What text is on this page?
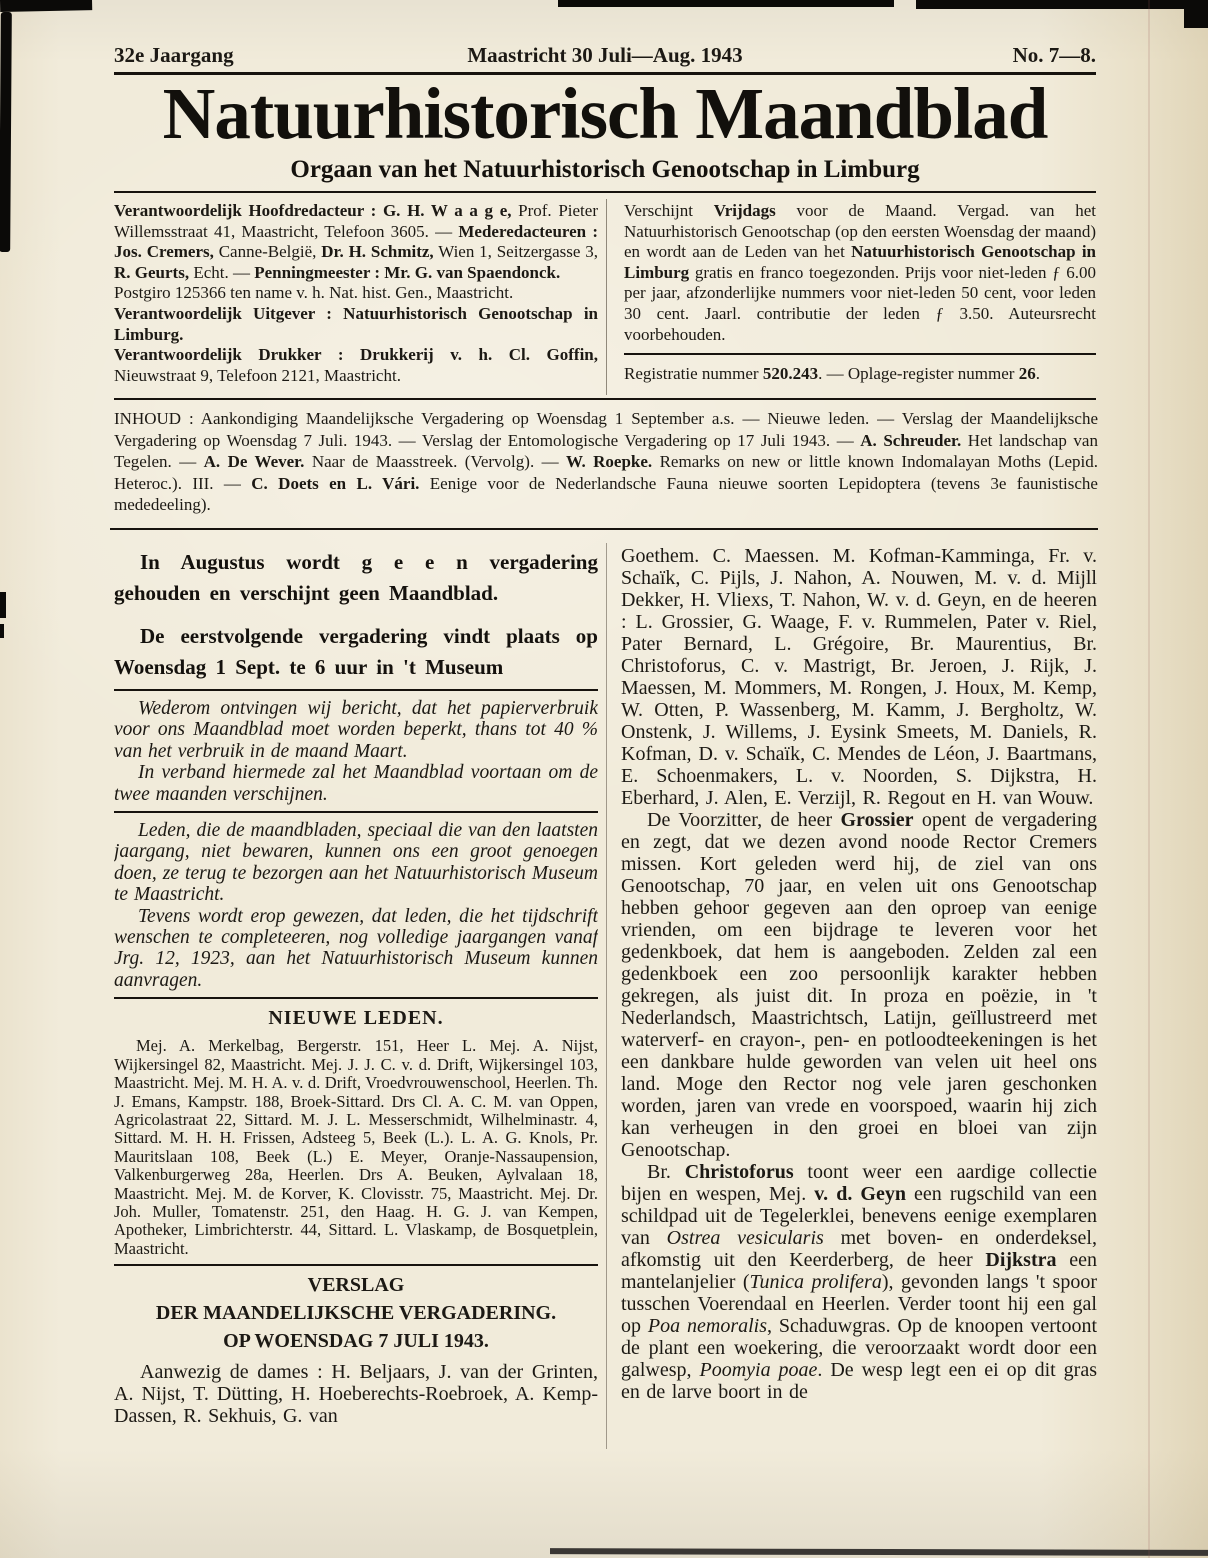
32e Jaargang	Maastricht 30 Juli—Aug. 1943	No. 7—8.
Natuurhistorisch Maandblad
Orgaan van het Natuurhistorisch Genootschap in Limburg

Verantwoordelijk Hoofdredacteur : G. H. W a a g e, Prof. Pieter Willemsstraat 41, Maastricht, Telefoon 3605. — Mederedacteuren : Jos. Cremers, Canne-België, Dr. H. Schmitz, Wien 1, Seitzergasse 3, R. Geurts, Echt. — Penningmeester : Mr. G. van Spaendonck.

Postgiro 125366 ten name v. h. Nat. hist. Gen., Maastricht.

Verantwoordelijk Uitgever : Natuurhistorisch Genootschap in Limburg.

Verantwoordelijk Drukker : Drukkerij v. h. Cl. Goffin, Nieuwstraat 9, Telefoon 2121, Maastricht.

Verschijnt Vrijdags voor de Maand. Vergad. van het Natuurhistorisch Genootschap (op den eersten Woensdag der maand) en wordt aan de Leden van het Natuurhistorisch Genootschap in Limburg gratis en franco toegezonden. Prijs voor niet-leden ƒ 6.00 per jaar, afzonderlijke nummers voor niet-leden 50 cent, voor leden 30 cent. Jaarl. contributie der leden ƒ 3.50. Auteursrecht voorbehouden.

Registratie nummer 520.243. — Oplage-register nummer 26.

INHOUD : Aankondiging Maandelijksche Vergadering op Woensdag 1 September a.s. — Nieuwe leden. — Verslag der Maandelijksche Vergadering op Woensdag 7 Juli. 1943. — Verslag der Entomologische Vergadering op 17 Juli 1943. — A. Schreuder. Het landschap van Tegelen. — A. De Wever. Naar de Maasstreek. (Vervolg). — W. Roepke. Remarks on new or little known Indomalayan Moths (Lepid. Heteroc.). III. — C. Doets en L. Vári. Eenige voor de Nederlandsche Fauna nieuwe soorten Lepidoptera (tevens 3e faunistische mededeeling).

In Augustus wordt g e e n vergadering gehouden en verschijnt geen Maandblad.

De eerstvolgende vergadering vindt plaats op Woensdag 1 Sept. te 6 uur in 't Museum

Wederom ontvingen wij bericht, dat het papierverbruik voor ons Maandblad moet worden beperkt, thans tot 40 % van het verbruik in de maand Maart.

In verband hiermede zal het Maandblad voortaan om de twee maanden verschijnen.

Leden, die de maandbladen, speciaal die van den laatsten jaargang, niet bewaren, kunnen ons een groot genoegen doen, ze terug te bezorgen aan het Natuurhistorisch Museum te Maastricht.

Tevens wordt erop gewezen, dat leden, die het tijdschrift wenschen te completeeren, nog volledige jaargangen vanaf Jrg. 12, 1923, aan het Natuurhistorisch Museum kunnen aanvragen.

NIEUWE LEDEN.

Mej. A. Merkelbag, Bergerstr. 151, Heer L. Mej. A. Nijst, Wijkersingel 82, Maastricht. Mej. J. J. C. v. d. Drift, Wijkersingel 103, Maastricht. Mej. M. H. A. v. d. Drift, Vroedvrouwenschool, Heerlen. Th. J. Emans, Kampstr. 188, Broek-Sittard. Drs Cl. A. C. M. van Oppen, Agricolastraat 22, Sittard. M. J. L. Messerschmidt, Wilhelminastr. 4, Sittard. M. H. H. Frissen, Adsteeg 5, Beek (L.). L. A. G. Knols, Pr. Mauritslaan 108, Beek (L.) E. Meyer, Oranje-Nassaupension, Valkenburgerweg 28a, Heerlen. Drs A. Beuken, Aylvalaan 18, Maastricht. Mej. M. de Korver, K. Clovisstr. 75, Maastricht. Mej. Dr. Joh. Muller, Tomatenstr. 251, den Haag. H. G. J. van Kempen, Apotheker, Limbrichterstr. 44, Sittard. L. Vlaskamp, de Bosquetplein, Maastricht.

VERSLAG

DER MAANDELIJKSCHE VERGADERING.

OP WOENSDAG 7 JULI 1943.

Aanwezig de dames : H. Beljaars, J. van der Grinten, A. Nijst, T. Dütting, H. Hoeberechts-Roebroek, A. Kemp-Dassen, R. Sekhuis, G. van

Goethem. C. Maessen. M. Kofman-Kamminga, Fr. v. Schaïk, C. Pijls, J. Nahon, A. Nouwen, M. v. d. Mijll Dekker, H. Vliexs, T. Nahon, W. v. d. Geyn, en de heeren : L. Grossier, G. Waage, F. v. Rummelen, Pater v. Riel, Pater Bernard, L. Grégoire, Br. Maurentius, Br. Christoforus, C. v. Mastrigt, Br. Jeroen, J. Rijk, J. Maessen, M. Mommers, M. Rongen, J. Houx, M. Kemp, W. Otten, P. Wassenberg, M. Kamm, J. Bergholtz, W. Onstenk, J. Willems, J. Eysink Smeets, M. Daniels, R. Kofman, D. v. Schaïk, C. Mendes de Léon, J. Baartmans, E. Schoenmakers, L. v. Noorden, S. Dijkstra, H. Eberhard, J. Alen, E. Verzijl, R. Regout en H. van Wouw.

De Voorzitter, de heer Grossier opent de vergadering en zegt, dat we dezen avond noode Rector Cremers missen. Kort geleden werd hij, de ziel van ons Genootschap, 70 jaar, en velen uit ons Genootschap hebben gehoor gegeven aan den oproep van eenige vrienden, om een bijdrage te leveren voor het gedenkboek, dat hem is aangeboden. Zelden zal een gedenkboek een zoo persoonlijk karakter hebben gekregen, als juist dit. In proza en poëzie, in 't Nederlandsch, Maastrichtsch, Latijn, geïllustreerd met waterverf- en crayon-, pen- en potloodteekeningen is het een dankbare hulde geworden van velen uit heel ons land. Moge den Rector nog vele jaren geschonken worden, jaren van vrede en voorspoed, waarin hij zich kan verheugen in den groei en bloei van zijn Genootschap.

Br. Christoforus toont weer een aardige collectie bijen en wespen, Mej. v. d. Geyn een rugschild van een schildpad uit de Tegelerklei, benevens eenige exemplaren van Ostrea vesicularis met boven- en onderdeksel, afkomstig uit den Keerderberg, de heer Dijkstra een mantelanjelier (Tunica prolifera), gevonden langs 't spoor tusschen Voerendaal en Heerlen. Verder toont hij een gal op Poa nemoralis, Schaduwgras. Op de knoopen vertoont de plant een woekering, die veroorzaakt wordt door een galwesp, Poomyia poae. De wesp legt een ei op dit gras en de larve boort in de
